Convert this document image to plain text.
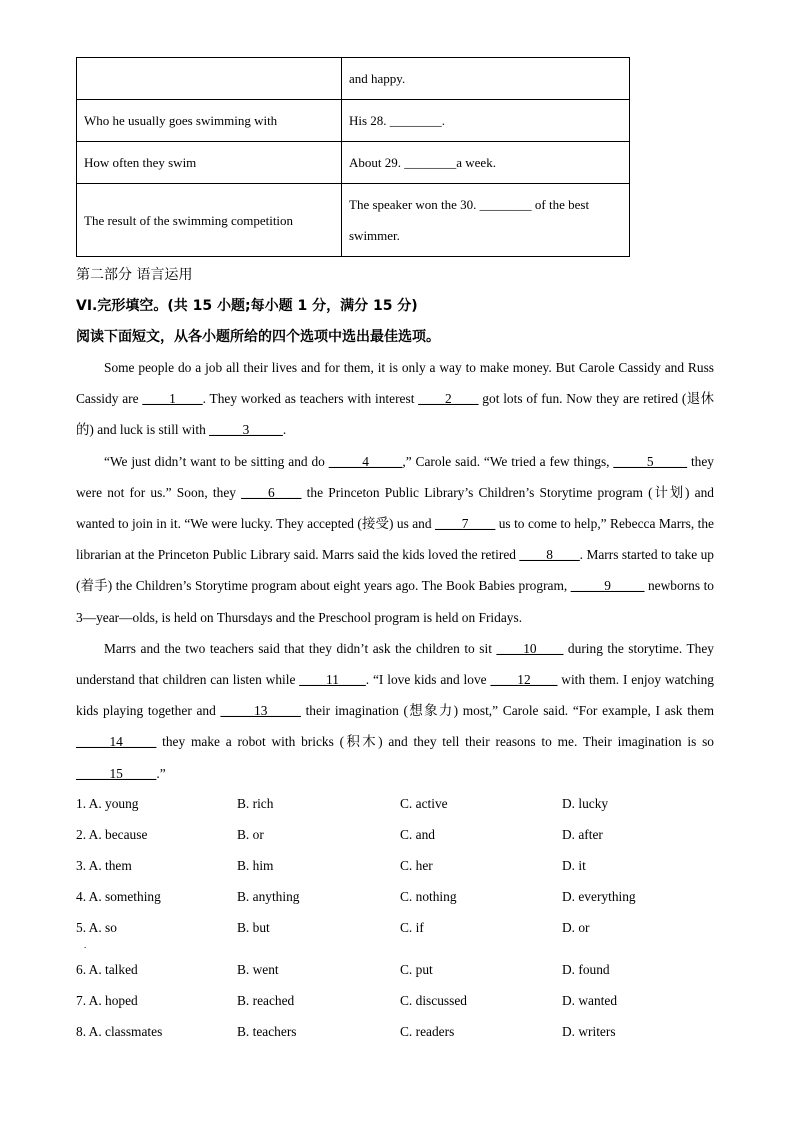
	and happy.
Who he usually goes swimming with	His 28. ________.
How often they swim	About 29. ________a week.
The result of the swimming competition	The speaker won the 30. ________ of the best
swimmer.
第二部分 语言运用
VI.完形填空。(共 15 小题;每小题 1 分，满分 15 分)
阅读下面短文，从各小题所给的四个选项中选出最佳选项。

Some people do a job all their lives and for them, it is only a way to make money. But Carole Cassidy and Russ Cassidy are ____1____. They worked as teachers with interest ____2____ got lots of fun. Now they are retired (退休的) and luck is still with _____3_____.

“We just didn’t want to be sitting and do _____4_____,” Carole said. “We tried a few things, _____5_____ they were not for us.” Soon, they ____6____ the Princeton Public Library’s Children’s Storytime program (计划) and wanted to join in it. “We were lucky. They accepted (接受) us and ____7____ us to come to help,” Rebecca Marrs, the librarian at the Princeton Public Library said. Marrs said the kids loved the retired ____8____. Marrs started to take up (着手) the Children’s Storytime program about eight years ago. The Book Babies program, _____9_____ newborns to 3—year—olds, is held on Thursdays and the Preschool program is held on Fridays.

Marrs and the two teachers said that they didn’t ask the children to sit ____10____ during the storytime. They understand that children can listen while ____11____. “I love kids and love ____12____ with them. I enjoy watching kids playing together and _____13_____ their imagination (想象力) most,” Carole said. “For example, I ask them _____14_____ they make a robot with bricks (积木) and they tell their reasons to me. Their imagination is so _____15_____.”

1. A. young	B. rich	C. active	D. lucky
2. A. because	B. or	C. and	D. after
3. A. them	B. him	C. her	D. it
4. A. something	B. anything	C. nothing	D. everything
5. A. so	B. but	C. if	D. or
.
6. A. talked	B. went	C. put	D. found
7. A. hoped	B. reached	C. discussed	D. wanted
8. A. classmates	B. teachers	C. readers	D. writers
